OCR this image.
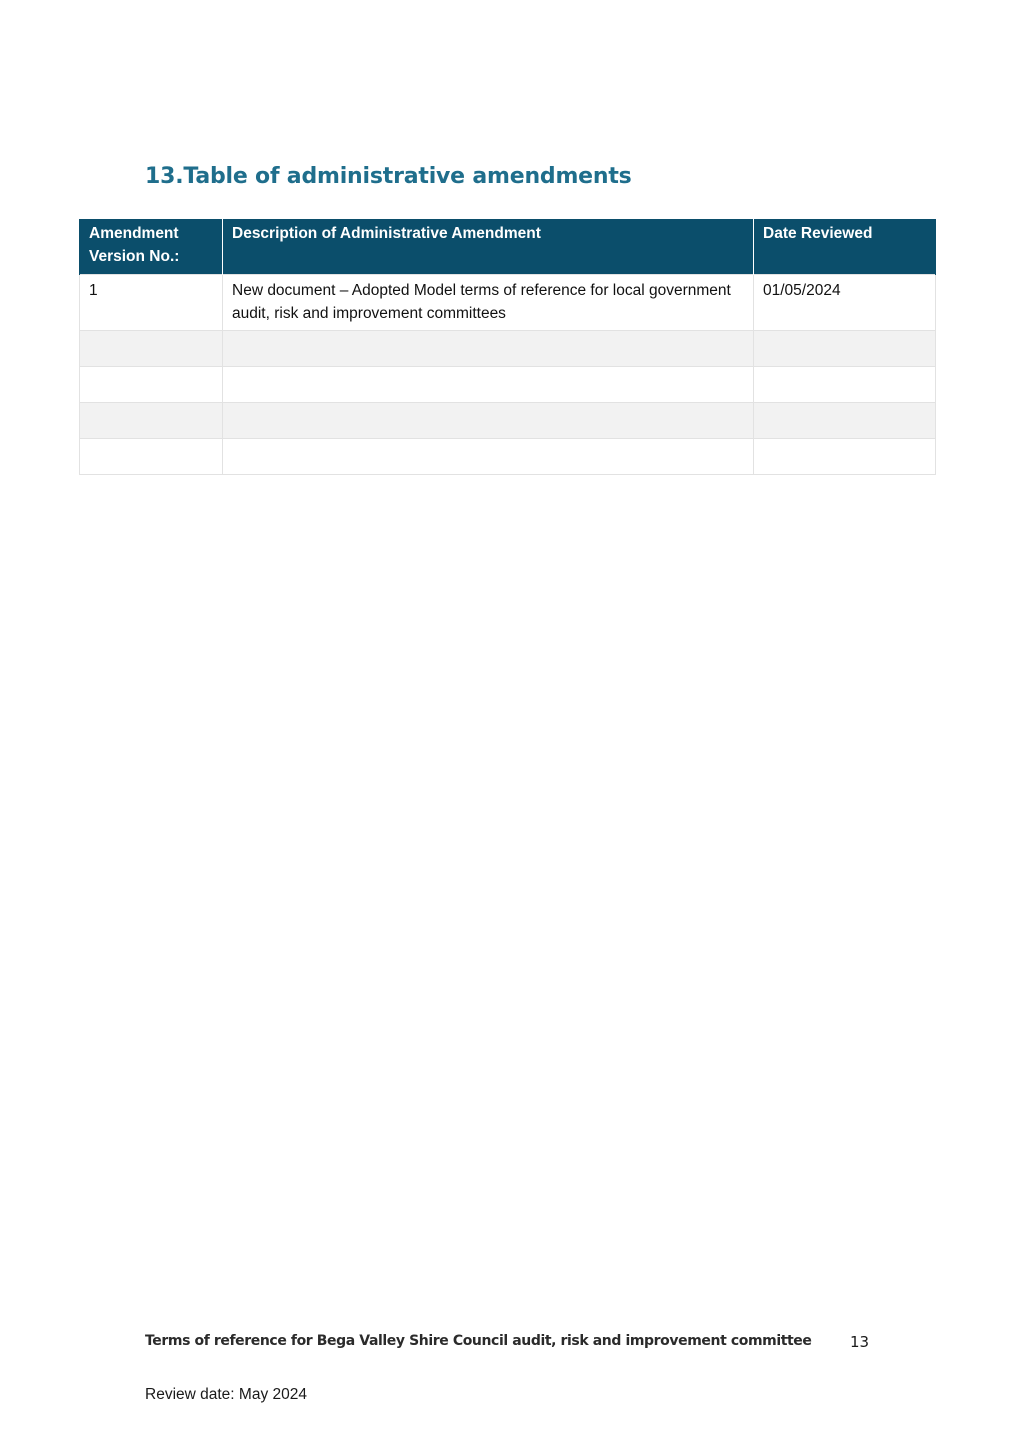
13.Table of administrative amendments
Amendment
Version No.:	Description of Administrative Amendment	Date Reviewed
1	New document – Adopted Model terms of reference for local government audit, risk and improvement committees	01/05/2024

Terms of reference for Bega Valley Shire Council audit, risk and improvement committee	13
Review date: May 2024
